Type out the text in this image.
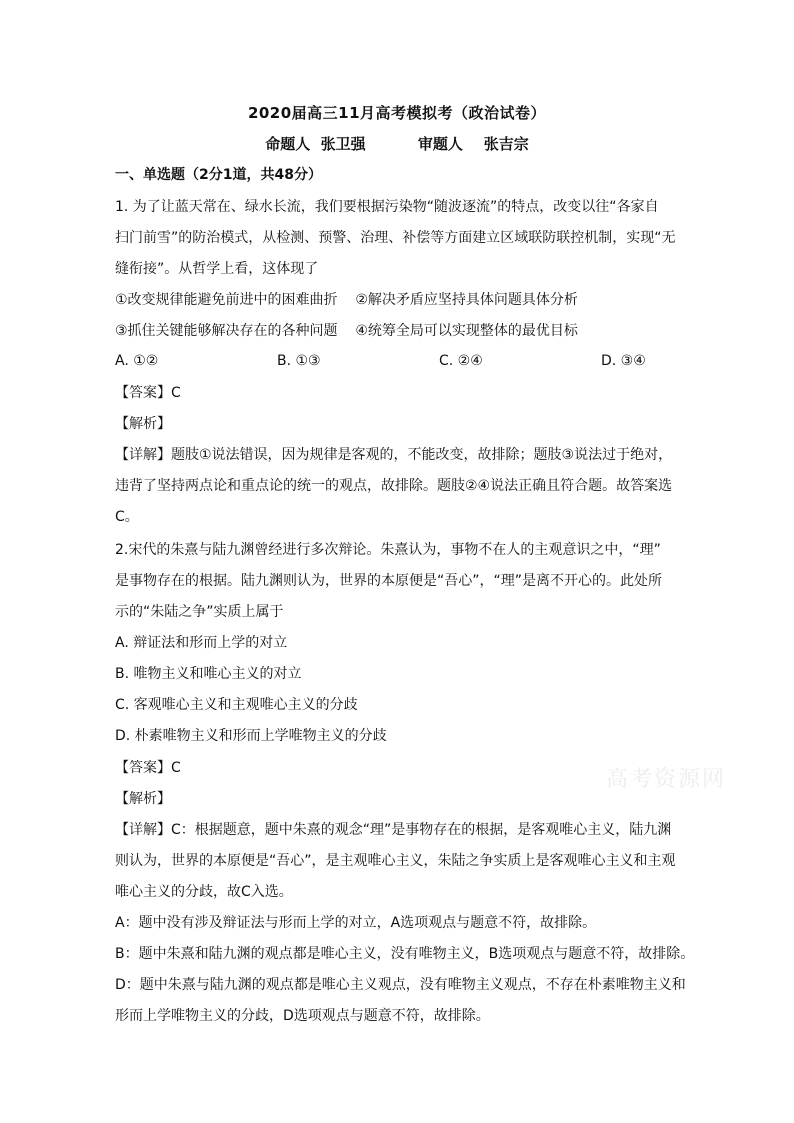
2020届高三11月高考模拟考（政治试卷）
命题人  张卫强          审题人    张吉宗
一、单选题（2分1道，共48分）
1. 为了让蓝天常在、绿水长流，我们要根据污染物“随波逐流”的特点，改变以往“各家自
扫门前雪”的防治模式，从检测、预警、治理、补偿等方面建立区域联防联控机制，实现“无
缝衔接”。从哲学上看，这体现了
①改变规律能避免前进中的困难曲折    ②解决矛盾应坚持具体问题具体分析
③抓住关键能够解决存在的各种问题    ④统筹全局可以实现整体的最优目标
A. ①②	B. ①③	C. ②④	D. ③④
【答案】C
【解析】
【详解】题肢①说法错误，因为规律是客观的，不能改变，故排除；题肢③说法过于绝对，
违背了坚持两点论和重点论的统一的观点，故排除。题肢②④说法正确且符合题。故答案选
C。
2.宋代的朱熹与陆九渊曾经进行多次辩论。朱熹认为，事物不在人的主观意识之中，“理”
是事物存在的根据。陆九渊则认为，世界的本原便是“吾心”，“理”是离不开心的。此处所
示的“朱陆之争”实质上属于
A. 辩证法和形而上学的对立
B. 唯物主义和唯心主义的对立
C. 客观唯心主义和主观唯心主义的分歧
D. 朴素唯物主义和形而上学唯物主义的分歧
【答案】C
【解析】
【详解】C：根据题意，题中朱熹的观念“理”是事物存在的根据，是客观唯心主义，陆九渊
则认为，世界的本原便是“吾心”，是主观唯心主义，朱陆之争实质上是客观唯心主义和主观
唯心主义的分歧，故C入选。
A：题中没有涉及辩证法与形而上学的对立，A选项观点与题意不符，故排除。
B：题中朱熹和陆九渊的观点都是唯心主义，没有唯物主义，B选项观点与题意不符，故排除。
D：题中朱熹与陆九渊的观点都是唯心主义观点，没有唯物主义观点，不存在朴素唯物主义和
形而上学唯物主义的分歧，D选项观点与题意不符，故排除。
高考资源网
